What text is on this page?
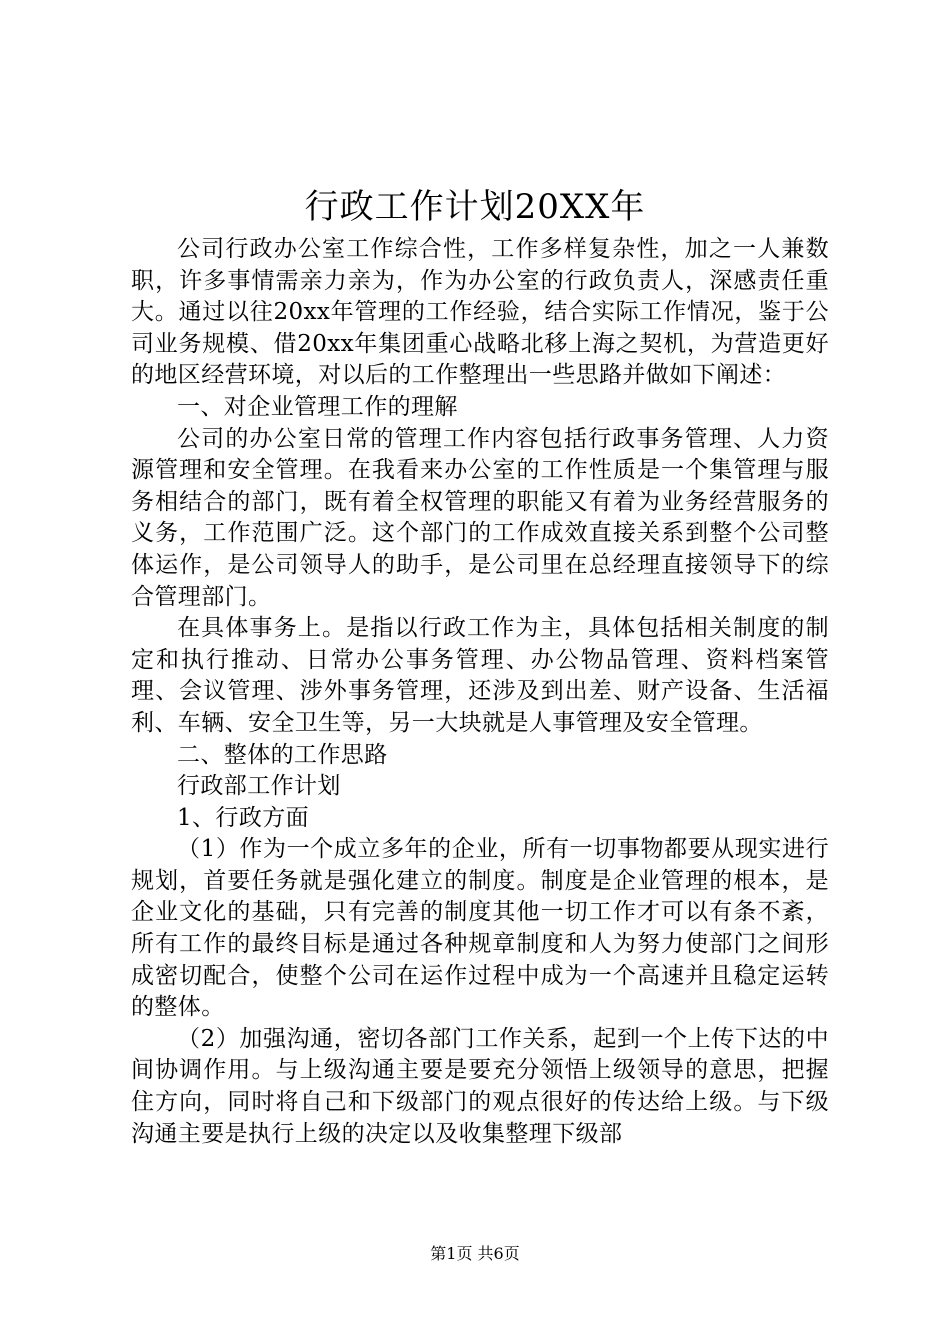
行政工作计划20XX年

公司行政办公室工作综合性，工作多样复杂性，加之一人兼数职，许多事情需亲力亲为，作为办公室的行政负责人，深感责任重大。通过以往20xx年管理的工作经验，结合实际工作情况，鉴于公司业务规模、借20xx年集团重心战略北移上海之契机，为营造更好的地区经营环境，对以后的工作整理出一些思路并做如下阐述：

一、对企业管理工作的理解

公司的办公室日常的管理工作内容包括行政事务管理、人力资源管理和安全管理。在我看来办公室的工作性质是一个集管理与服务相结合的部门，既有着全权管理的职能又有着为业务经营服务的义务，工作范围广泛。这个部门的工作成效直接关系到整个公司整体运作，是公司领导人的助手，是公司里在总经理直接领导下的综合管理部门。

在具体事务上。是指以行政工作为主，具体包括相关制度的制定和执行推动、日常办公事务管理、办公物品管理、资料档案管理、会议管理、涉外事务管理，还涉及到出差、财产设备、生活福利、车辆、安全卫生等，另一大块就是人事管理及安全管理。

二、整体的工作思路

行政部工作计划

1、行政方面

（1）作为一个成立多年的企业，所有一切事物都要从现实进行规划，首要任务就是强化建立的制度。制度是企业管理的根本，是企业文化的基础，只有完善的制度其他一切工作才可以有条不紊，所有工作的最终目标是通过各种规章制度和人为努力使部门之间形成密切配合，使整个公司在运作过程中成为一个高速并且稳定运转的整体。

（2）加强沟通，密切各部门工作关系，起到一个上传下达的中间协调作用。与上级沟通主要是要充分领悟上级领导的意思，把握住方向，同时将自己和下级部门的观点很好的传达给上级。与下级沟通主要是执行上级的决定以及收集整理下级部

第1页 共6页
